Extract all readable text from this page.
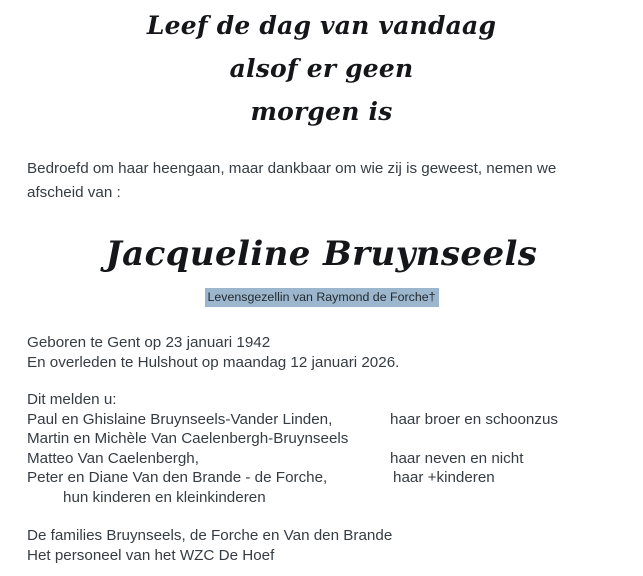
Leef de dag van vandaag
alsof er geen
morgen is
Bedroefd om haar heengaan, maar dankbaar om wie zij is geweest, nemen we
afscheid van :
Jacqueline Bruynseels
Levensgezellin van Raymond de Forche†
Geboren te Gent op 23 januari 1942
En overleden te Hulshout op maandag 12 januari 2026.
Dit melden u:
Paul en Ghislaine Bruynseels-Vander Linden,	haar broer en schoonzus
Martin en Michèle Van Caelenbergh-Bruynseels
Matteo Van Caelenbergh,	haar neven en nicht
Peter en Diane Van den Brande - de Forche,	haar +kinderen
hun kinderen en kleinkinderen
De families Bruynseels, de Forche en Van den Brande
Het personeel van het WZC De Hoef
